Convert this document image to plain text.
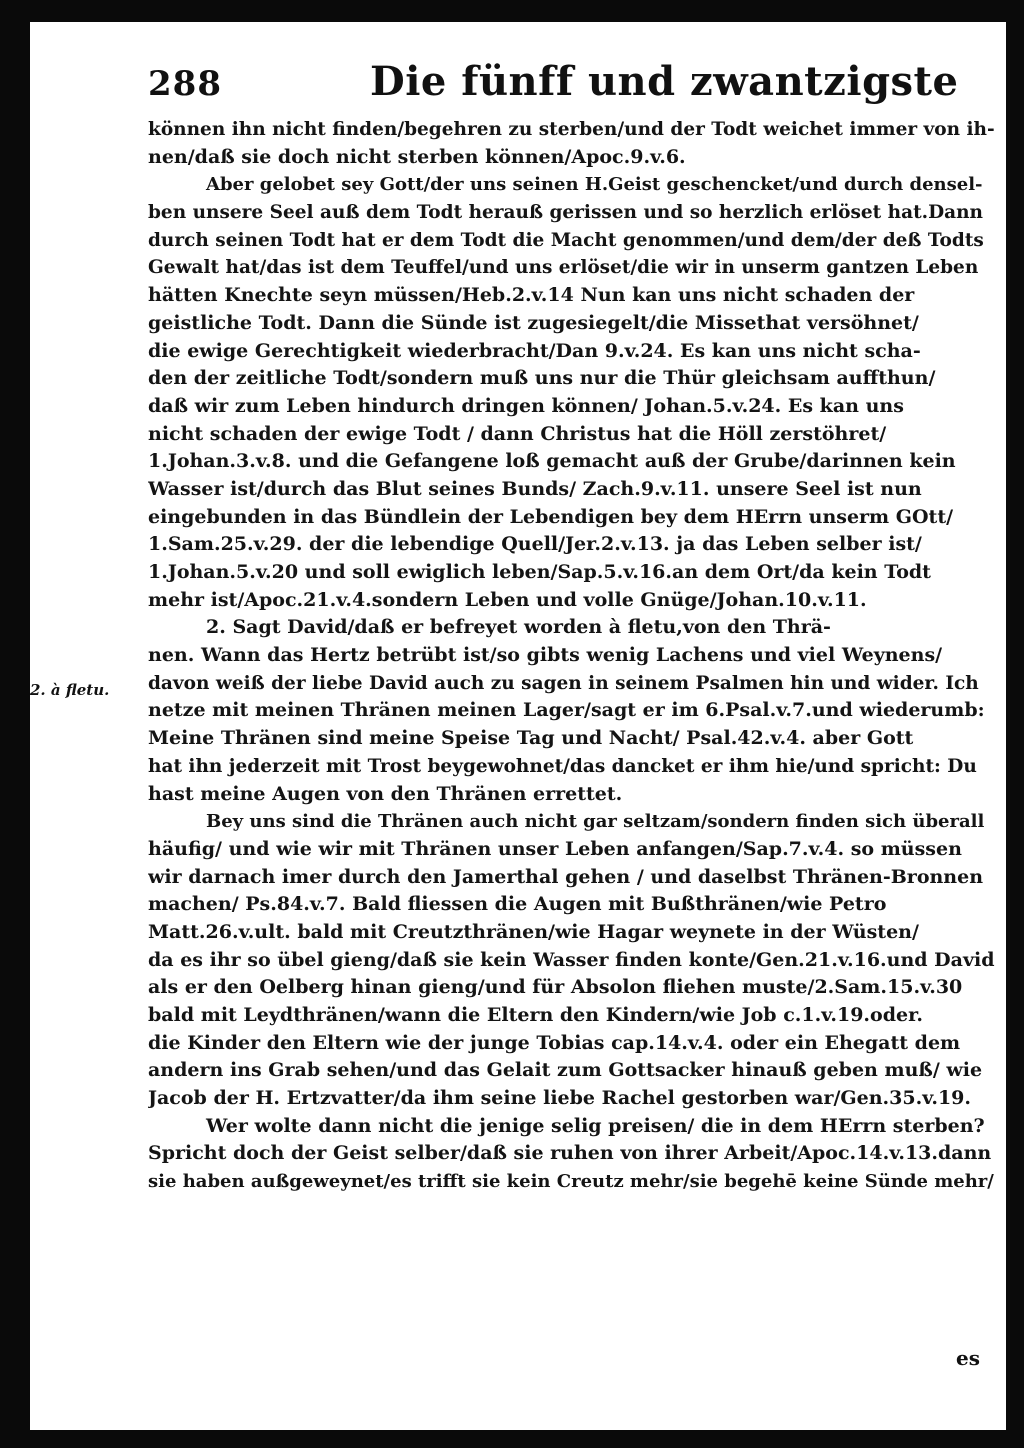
288	Die fünff und zwantzigste
2. à fletu.
können ihn nicht finden/begehren zu sterben/und der Todt weichet immer von ih-
nen/daß sie doch nicht sterben können/Apoc.9.v.6.
Aber gelobet sey Gott/der uns seinen H.Geist geschencket/und durch densel-
ben unsere Seel auß dem Todt herauß gerissen und so herzlich erlöset hat.Dann
durch seinen Todt hat er dem Todt die Macht genommen/und dem/der deß Todts
Gewalt hat/das ist dem Teuffel/und uns erlöset/die wir in unserm gantzen Leben
hätten Knechte seyn müssen/Heb.2.v.14 Nun kan uns nicht schaden der
geistliche Todt. Dann die Sünde ist zugesiegelt/die Missethat versöhnet/
die ewige Gerechtigkeit wiederbracht/Dan 9.v.24. Es kan uns nicht scha-
den der zeitliche Todt/sondern muß uns nur die Thür gleichsam auffthun/
daß wir zum Leben hindurch dringen können/ Johan.5.v.24. Es kan uns
nicht schaden der ewige Todt / dann Christus hat die Höll zerstöhret/
1.Johan.3.v.8. und die Gefangene loß gemacht auß der Grube/darinnen kein
Wasser ist/durch das Blut seines Bunds/ Zach.9.v.11. unsere Seel ist nun
eingebunden in das Bündlein der Lebendigen bey dem HErrn unserm GOtt/
1.Sam.25.v.29. der die lebendige Quell/Jer.2.v.13. ja das Leben selber ist/
1.Johan.5.v.20 und soll ewiglich leben/Sap.5.v.16.an dem Ort/da kein Todt
mehr ist/Apoc.21.v.4.sondern Leben und volle Gnüge/Johan.10.v.11.
2. Sagt David/daß er befreyet worden à fletu,von den Thrä-
nen. Wann das Hertz betrübt ist/so gibts wenig Lachens und viel Weynens/
davon weiß der liebe David auch zu sagen in seinem Psalmen hin und wider. Ich
netze mit meinen Thränen meinen Lager/sagt er im 6.Psal.v.7.und wiederumb:
Meine Thränen sind meine Speise Tag und Nacht/ Psal.42.v.4. aber Gott
hat ihn jederzeit mit Trost beygewohnet/das dancket er ihm hie/und spricht: Du
hast meine Augen von den Thränen errettet.
Bey uns sind die Thränen auch nicht gar seltzam/sondern finden sich überall
häufig/ und wie wir mit Thränen unser Leben anfangen/Sap.7.v.4. so müssen
wir darnach imer durch den Jamerthal gehen / und daselbst Thränen-Bronnen
machen/ Ps.84.v.7. Bald fliessen die Augen mit Bußthränen/wie Petro
Matt.26.v.ult. bald mit Creutzthränen/wie Hagar weynete in der Wüsten/
da es ihr so übel gieng/daß sie kein Wasser finden konte/Gen.21.v.16.und David
als er den Oelberg hinan gieng/und für Absolon fliehen muste/2.Sam.15.v.30
bald mit Leydthränen/wann die Eltern den Kindern/wie Job c.1.v.19.oder.
die Kinder den Eltern wie der junge Tobias cap.14.v.4. oder ein Ehegatt dem
andern ins Grab sehen/und das Gelait zum Gottsacker hinauß geben muß/ wie
Jacob der H. Ertzvatter/da ihm seine liebe Rachel gestorben war/Gen.35.v.19.
Wer wolte dann nicht die jenige selig preisen/ die in dem HErrn sterben?
Spricht doch der Geist selber/daß sie ruhen von ihrer Arbeit/Apoc.14.v.13.dann
sie haben außgeweynet/es trifft sie kein Creutz mehr/sie begehē keine Sünde mehr/
es
